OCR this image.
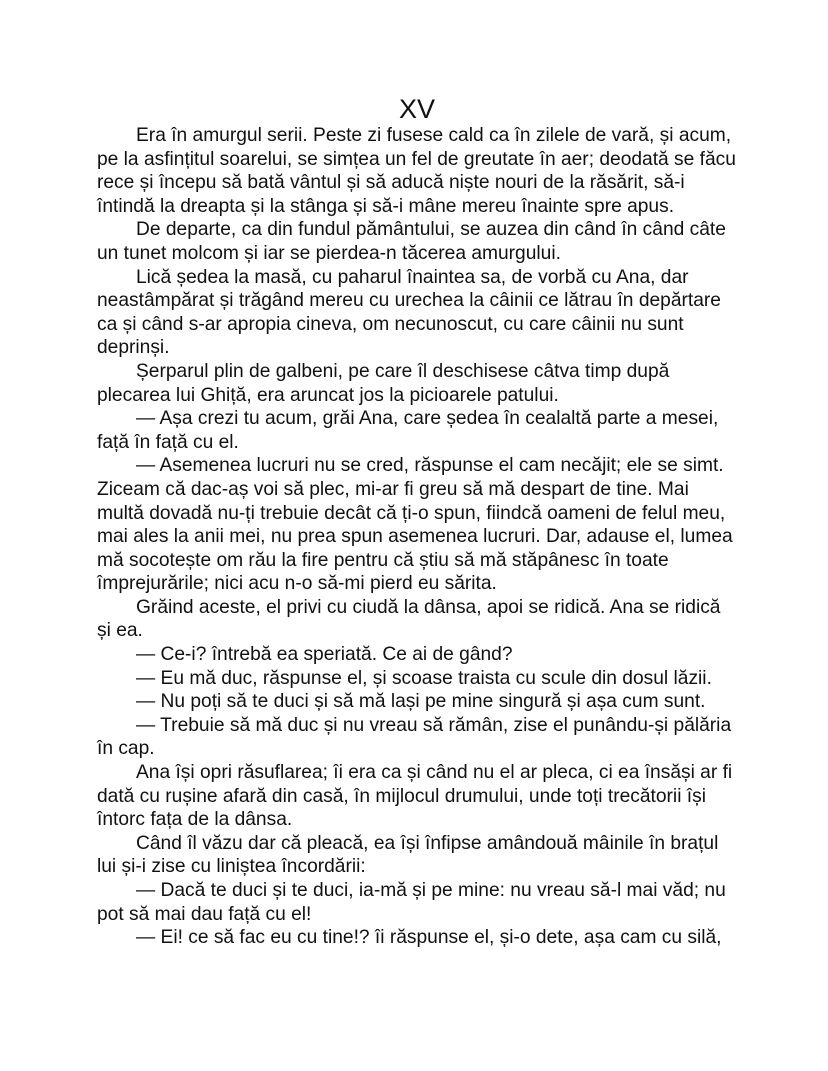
XV

Era în amurgul serii. Peste zi fusese cald ca în zilele de vară, și acum, pe la asfințitul soarelui, se simțea un fel de greutate în aer; deodată se făcu rece și începu să bată vântul și să aducă niște nouri de la răsărit, să-i întindă la dreapta și la stânga și să-i mâne mereu înainte spre apus.

De departe, ca din fundul pământului, se auzea din când în când câte un tunet molcom și iar se pierdea-n tăcerea amurgului.

Lică ședea la masă, cu paharul înaintea sa, de vorbă cu Ana, dar neastâmpărat și trăgând mereu cu urechea la câinii ce lătrau în depărtare ca și când s-ar apropia cineva, om necunoscut, cu care câinii nu sunt deprinși.

Șerparul plin de galbeni, pe care îl deschisese câtva timp după plecarea lui Ghiță, era aruncat jos la picioarele patului.

— Așa crezi tu acum, grăi Ana, care ședea în cealaltă parte a mesei, față în față cu el.

— Asemenea lucruri nu se cred, răspunse el cam necăjit; ele se simt. Ziceam că dac-aș voi să plec, mi-ar fi greu să mă despart de tine. Mai multă dovadă nu-ți trebuie decât că ți-o spun, fiindcă oameni de felul meu, mai ales la anii mei, nu prea spun asemenea lucruri. Dar, adause el, lumea mă socotește om rău la fire pentru că știu să mă stăpânesc în toate împrejurările; nici acu n-o să-mi pierd eu sărita.

Grăind aceste, el privi cu ciudă la dânsa, apoi se ridică. Ana se ridică și ea.

— Ce-i? întrebă ea speriată. Ce ai de gând?

— Eu mă duc, răspunse el, și scoase traista cu scule din dosul lăzii.

— Nu poți să te duci și să mă lași pe mine singură și așa cum sunt.

— Trebuie să mă duc și nu vreau să rămân, zise el punându-și pălăria în cap.

Ana își opri răsuflarea; îi era ca și când nu el ar pleca, ci ea însăși ar fi dată cu rușine afară din casă, în mijlocul drumului, unde toți trecătorii își întorc fața de la dânsa.

Când îl văzu dar că pleacă, ea își înfipse amândouă mâinile în brațul lui și-i zise cu liniștea încordării:

— Dacă te duci și te duci, ia-mă și pe mine: nu vreau să-l mai văd; nu pot să mai dau față cu el!

— Ei! ce să fac eu cu tine!? îi răspunse el, și-o dete, așa cam cu silă,
